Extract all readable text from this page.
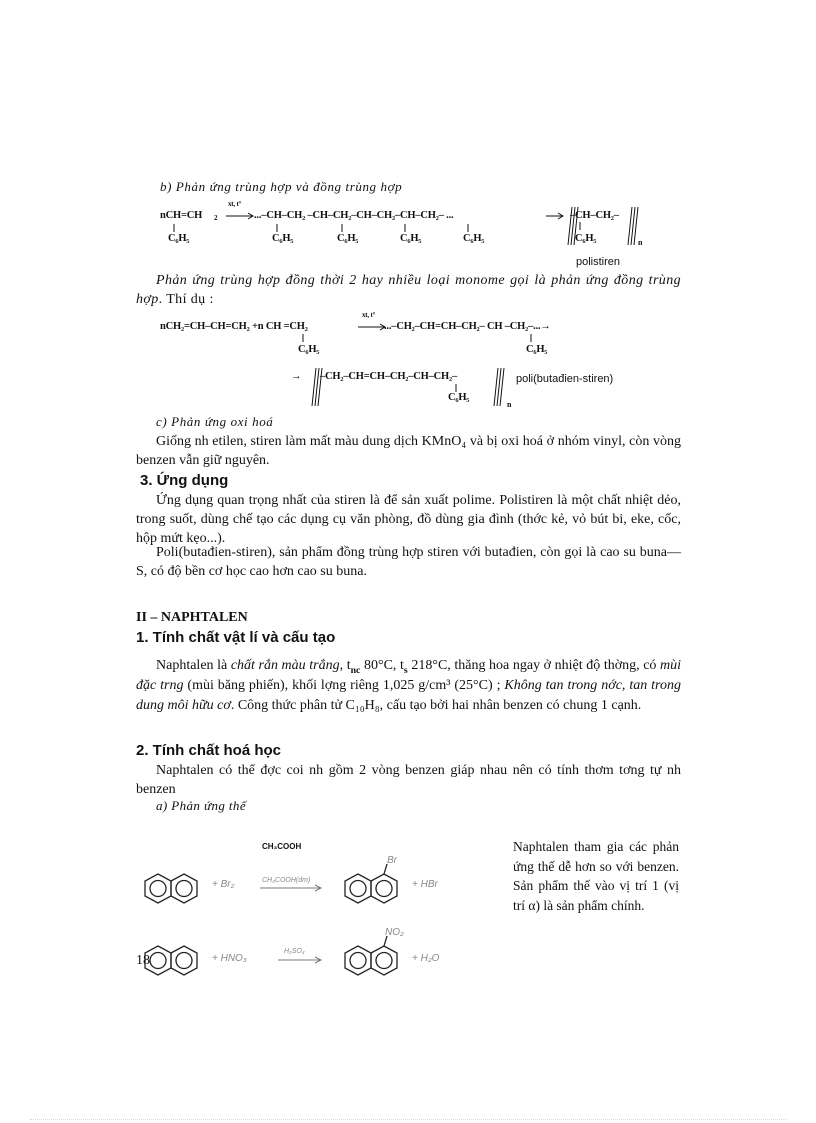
b) Phản ứng trùng hợp và đồng trùng hợp
nCH=CH 2
xt, t°
...–CH–CH₂ –CH–CH₂–CH–CH₂–CH–CH₂– ...
C₆H₅	C₆H₅	C₆H₅	C₆H₅	C₆H₅
–CH–CH₂–
C₆H₅	n
polistiren
Phản ứng trùng hợp đồng thời 2 hay nhiều loại monome gọi là phản ứng đồng trùng hợp. Thí dụ :
nCH₂=CH–CH=CH₂ +n CH =CH₂
xt, t°
...–CH₂–CH=CH–CH₂– CH –CH₂–...→
C₆H₅	C₆H₅
→ –CH₂–CH=CH–CH₂–CH–CH₂–
C₆H₅
n
poli(butađien-stiren)
c) Phản ứng oxi hoá
Giống nh etilen, stiren làm mất màu dung dịch KMnO₄ và bị oxi hoá ở nhóm vinyl, còn vòng benzen vẫn giữ nguyên.
3. Ứng dụng
Ứng dụng quan trọng nhất của stiren là để sản xuất polime. Polistiren là một chất nhiệt dẻo, trong suốt, dùng chế tạo các dụng cụ văn phòng, đồ dùng gia đình (thớc kẻ, vỏ bút bi, eke, cốc, hộp mứt kẹo...).
Poli(butađien-stiren), sản phẩm đồng trùng hợp stiren với butađien, còn gọi là cao su buna—S, có độ bền cơ học cao hơn cao su buna.
II – NAPHTALEN
1. Tính chất vật lí và cấu tạo
Naphtalen là chất rắn màu trắng, $t_{nc}$ 80°C, $t_s$ 218°C, thăng hoa ngay ở nhiệt độ thờng, có mùi đặc trng (mùi băng phiến), khối lợng riêng 1,025 g/cm³ (25°C) ; Không tan trong nớc, tan trong dung môi hữu cơ. Công thức phân tử C₁₀H₈, cấu tạo bởi hai nhân benzen có chung 1 cạnh.
2. Tính chất hoá học
Naphtalen có thể đợc coi nh gồm 2 vòng benzen giáp nhau nên có tính thơm tơng tự nh benzen
a) Phản ứng thế
CH₃COOH
+ Br₂	CH₃COOH(dm)
Br
+ HBr
18	+ HNO₃
H₂SO₄
NO₂
+ H₂O
Naphtalen tham gia các phản ứng thế dễ hơn so với benzen. Sản phẩm thế vào vị trí 1 (vị trí α) là sản phẩm chính.
